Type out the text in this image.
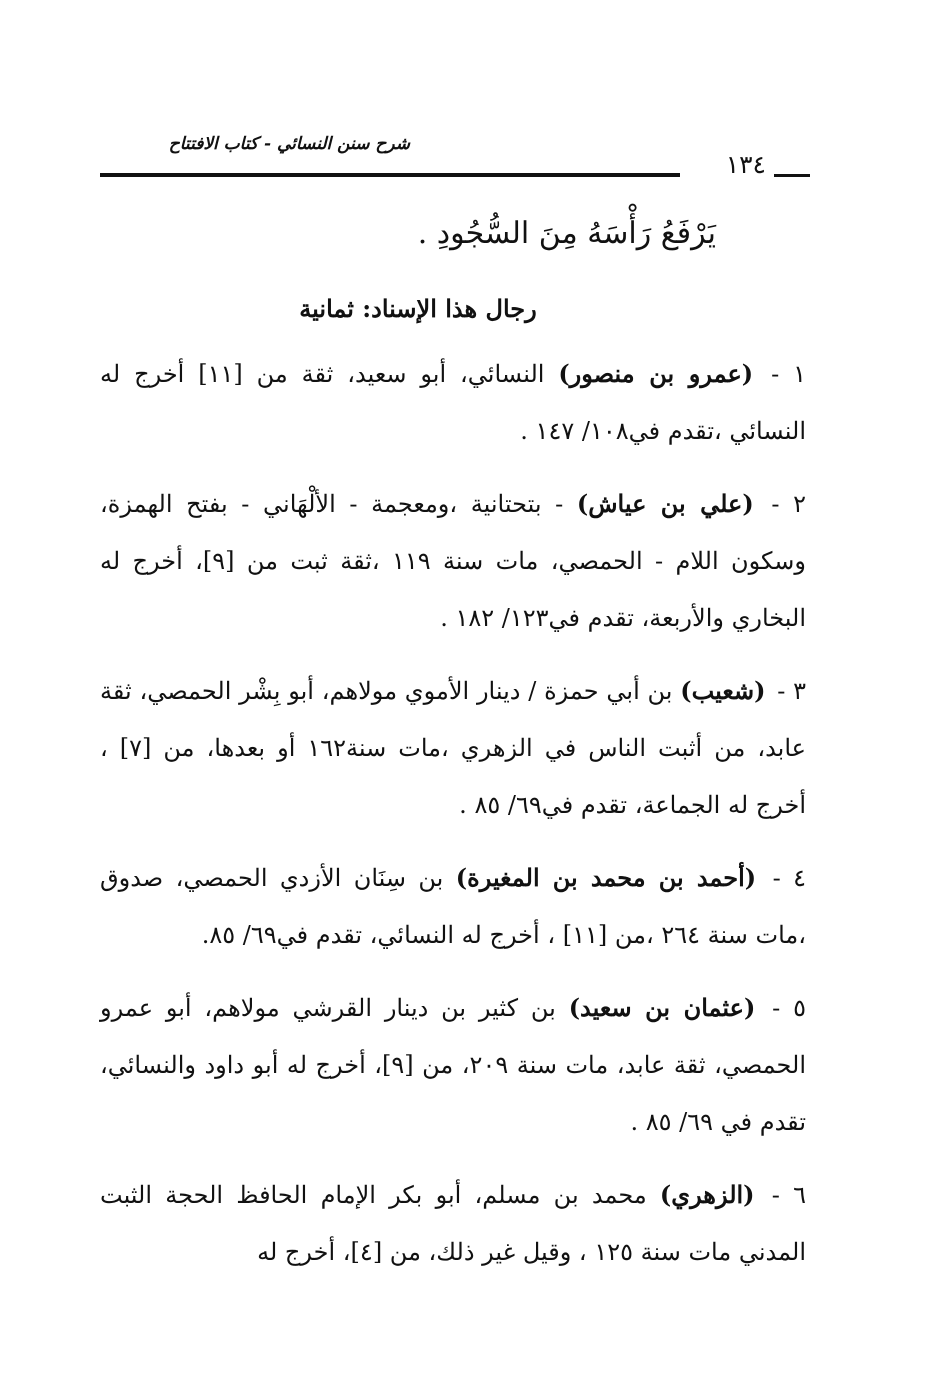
شرح سنن النسائي - كتاب الافتتاح
١٣٤

يَرْفَعُ رَأْسَهُ مِنَ السُّجُودِ .

رجال هذا الإسناد: ثمانية

١ - (عمرو بن منصور) النسائي، أبو سعيد، ثقة من [١١] أخرج له النسائي ،تقدم في١٠٨/ ١٤٧ .

٢ - (علي بن عياش) - بتحتانية ،ومعجمة - الألْهَاني - بفتح الهمزة، وسكون اللام - الحمصي، مات سنة ١١٩ ،ثقة ثبت من [٩]، أخرج له البخاري والأربعة، تقدم في١٢٣/ ١٨٢ .

٣ - (شعيب) بن أبي حمزة / دينار الأموي مولاهم، أبو بِشْر الحمصي، ثقة عابد، من أثبت الناس في الزهري ،مات سنة١٦٢ أو بعدها، من [٧] ، أخرج له الجماعة، تقدم في٦٩/ ٨٥ .

٤ - (أحمد بن محمد بن المغيرة) بن سِنَان الأزدي الحمصي، صدوق ،مات سنة ٢٦٤ ،من [١١] ، أخرج له النسائي، تقدم في٦٩/ ٨٥.

٥ - (عثمان بن سعيد) بن كثير بن دينار القرشي مولاهم، أبو عمرو الحمصي، ثقة عابد، مات سنة ٢٠٩، من [٩]، أخرج له أبو داود والنسائي، تقدم في ٦٩/ ٨٥ .

٦ - (الزهري) محمد بن مسلم، أبو بكر الإمام الحافظ الحجة الثبت المدني مات سنة ١٢٥ ، وقيل غير ذلك، من [٤]، أخرج له
